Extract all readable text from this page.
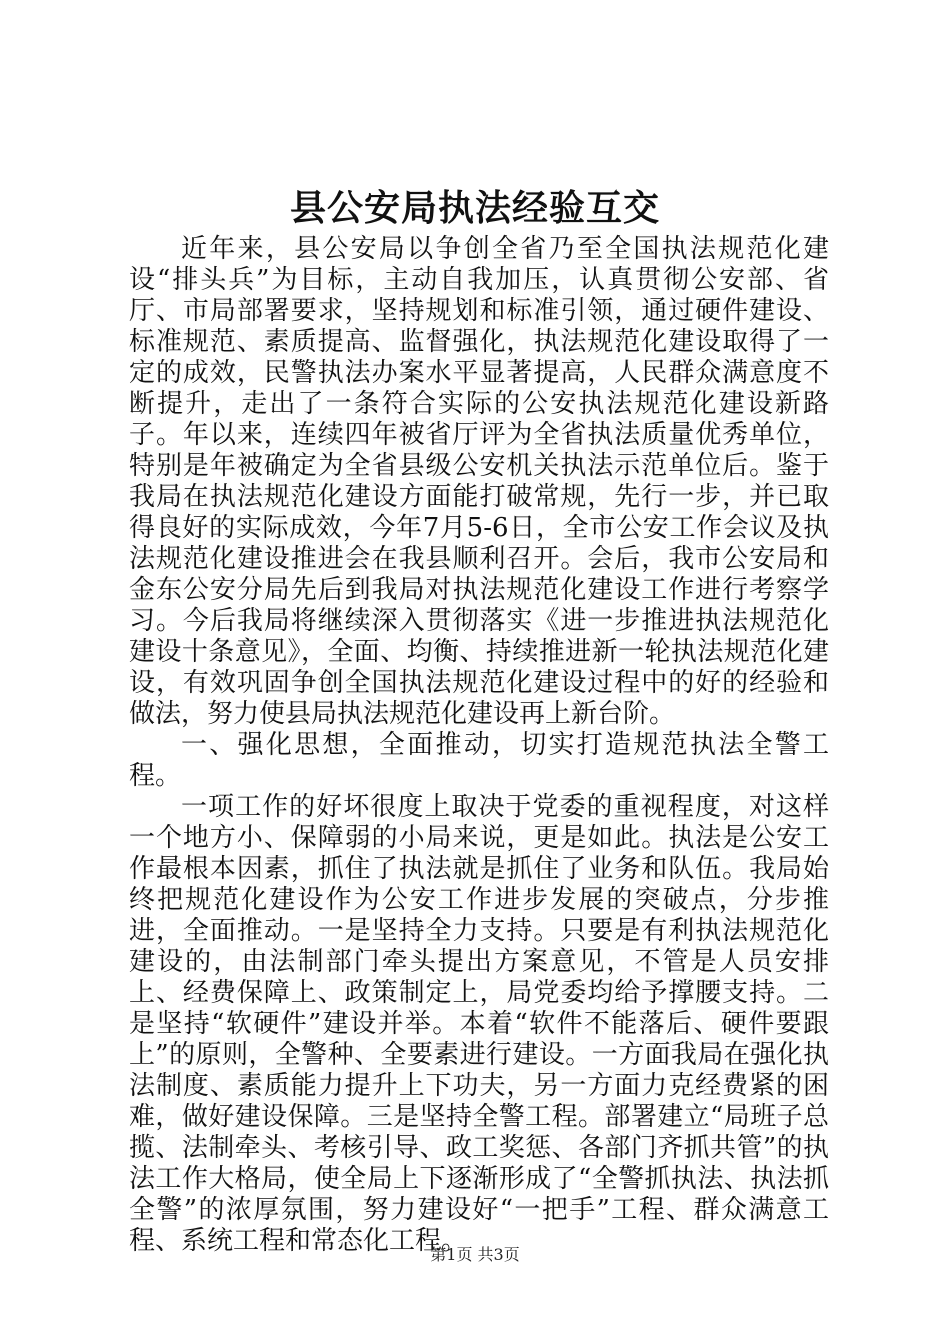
县公安局执法经验互交

近年来，县公安局以争创全省乃至全国执法规范化建设“排头兵”为目标，主动自我加压，认真贯彻公安部、省厅、市局部署要求，坚持规划和标准引领，通过硬件建设、标准规范、素质提高、监督强化，执法规范化建设取得了一定的成效，民警执法办案水平显著提高，人民群众满意度不断提升，走出了一条符合实际的公安执法规范化建设新路子。年以来，连续四年被省厅评为全省执法质量优秀单位，特别是年被确定为全省县级公安机关执法示范单位后。鉴于我局在执法规范化建设方面能打破常规，先行一步，并已取得良好的实际成效，今年7月5-6日，全市公安工作会议及执法规范化建设推进会在我县顺利召开。会后，我市公安局和金东公安分局先后到我局对执法规范化建设工作进行考察学习。今后我局将继续深入贯彻落实《进一步推进执法规范化建设十条意见》，全面、均衡、持续推进新一轮执法规范化建设，有效巩固争创全国执法规范化建设过程中的好的经验和做法，努力使县局执法规范化建设再上新台阶。

一、强化思想，全面推动，切实打造规范执法全警工程。

一项工作的好坏很度上取决于党委的重视程度，对这样一个地方小、保障弱的小局来说，更是如此。执法是公安工作最根本因素，抓住了执法就是抓住了业务和队伍。我局始终把规范化建设作为公安工作进步发展的突破点，分步推进，全面推动。一是坚持全力支持。只要是有利执法规范化建设的，由法制部门牵头提出方案意见，不管是人员安排上、经费保障上、政策制定上，局党委均给予撑腰支持。二是坚持“软硬件”建设并举。本着“软件不能落后、硬件要跟上”的原则，全警种、全要素进行建设。一方面我局在强化执法制度、素质能力提升上下功夫，另一方面力克经费紧的困难，做好建设保障。三是坚持全警工程。部署建立“局班子总揽、法制牵头、考核引导、政工奖惩、各部门齐抓共管”的执法工作大格局，使全局上下逐渐形成了“全警抓执法、执法抓全警”的浓厚氛围，努力建设好“一把手”工程、群众满意工程、系统工程和常态化工程。

第1页 共3页
